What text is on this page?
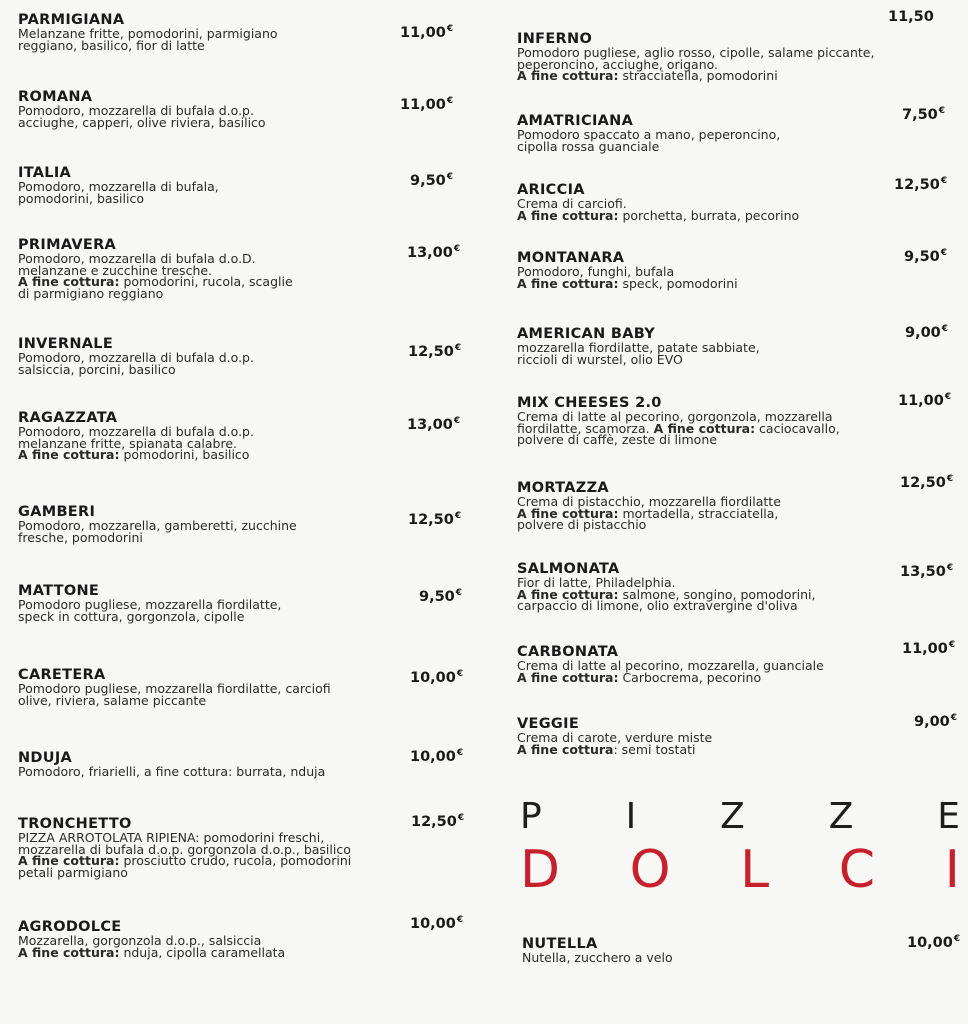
PARMIGIANA
Melanzane fritte, pomodorini, parmigiano
reggiano, basilico, fior di latte
11,00€
ROMANA
Pomodoro, mozzarella di bufala d.o.p.
acciughe, capperi, olive riviera, basilico
11,00€
ITALIA
Pomodoro, mozzarella di bufala,
pomodorini, basilico
9,50€
PRIMAVERA
Pomodoro, mozzarella di bufala d.o.D.
melanzane e zucchine tresche.
A fine cottura: pomodorini, rucola, scaglie
di parmigiano reggiano
13,00€
INVERNALE
Pomodoro, mozzarella di bufala d.o.p.
salsiccia, porcini, basilico
12,50€
RAGAZZATA
Pomodoro, mozzarella di bufala d.o.p.
melanzane fritte, spianata calabre.
A fine cottura: pomodorini, basilico
13,00€
GAMBERI
Pomodoro, mozzarella, gamberetti, zucchine
fresche, pomodorini
12,50€
MATTONE
Pomodoro pugliese, mozzarella fiordilatte,
speck in cottura, gorgonzola, cipolle
9,50€
CARETERA
Pomodoro pugliese, mozzarella fiordilatte, carciofi
olive, riviera, salame piccante
10,00€
NDUJA
Pomodoro, friarielli, a fine cottura: burrata, nduja
10,00€
TRONCHETTO
PIZZA ARROTOLATA RIPIENA: pomodorini freschi,
mozzarella di bufala d.o.p. gorgonzola d.o.p., basilico
A fine cottura: prosciutto crudo, rucola, pomodorini
petali parmigiano
12,50€
AGRODOLCE
Mozzarella, gorgonzola d.o.p., salsiccia
A fine cottura: nduja, cipolla caramellata
10,00€
INFERNO
Pomodoro pugliese, aglio rosso, cipolle, salame piccante,
peperoncino, acciughe, origano.
A fine cottura: stracciatella, pomodorini
11,50
AMATRICIANA
Pomodoro spaccato a mano, peperoncino,
cipolla rossa guanciale
7,50€
ARICCIA
Crema di carciofi.
A fine cottura: porchetta, burrata, pecorino
12,50€
MONTANARA
Pomodoro, funghi, bufala
A fine cottura: speck, pomodorini
9,50€
AMERICAN BABY
mozzarella fiordilatte, patate sabbiate,
riccioli di wurstel, olio EVO
9,00€
MIX CHEESES 2.0
Crema di latte al pecorino, gorgonzola, mozzarella
fiordilatte, scamorza. A fine cottura: caciocavallo,
polvere di caffè, zeste di limone
11,00€
MORTAZZA
Crema di pistacchio, mozzarella fiordilatte
A fine cottura: mortadella, stracciatella,
polvere di pistacchio
12,50€
SALMONATA
Fior di latte, Philadelphia.
A fine cottura: salmone, songino, pomodorini,
carpaccio di limone, olio extravergine d'oliva
13,50€
CARBONATA
Crema di latte al pecorino, mozzarella, guanciale
A fine cottura: Carbocrema, pecorino
11,00€
VEGGIE
Crema di carote, verdure miste
A fine cottura: semi tostati
9,00€
P I Z Z E
D O L C I
NUTELLA
Nutella, zucchero a velo
10,00€
